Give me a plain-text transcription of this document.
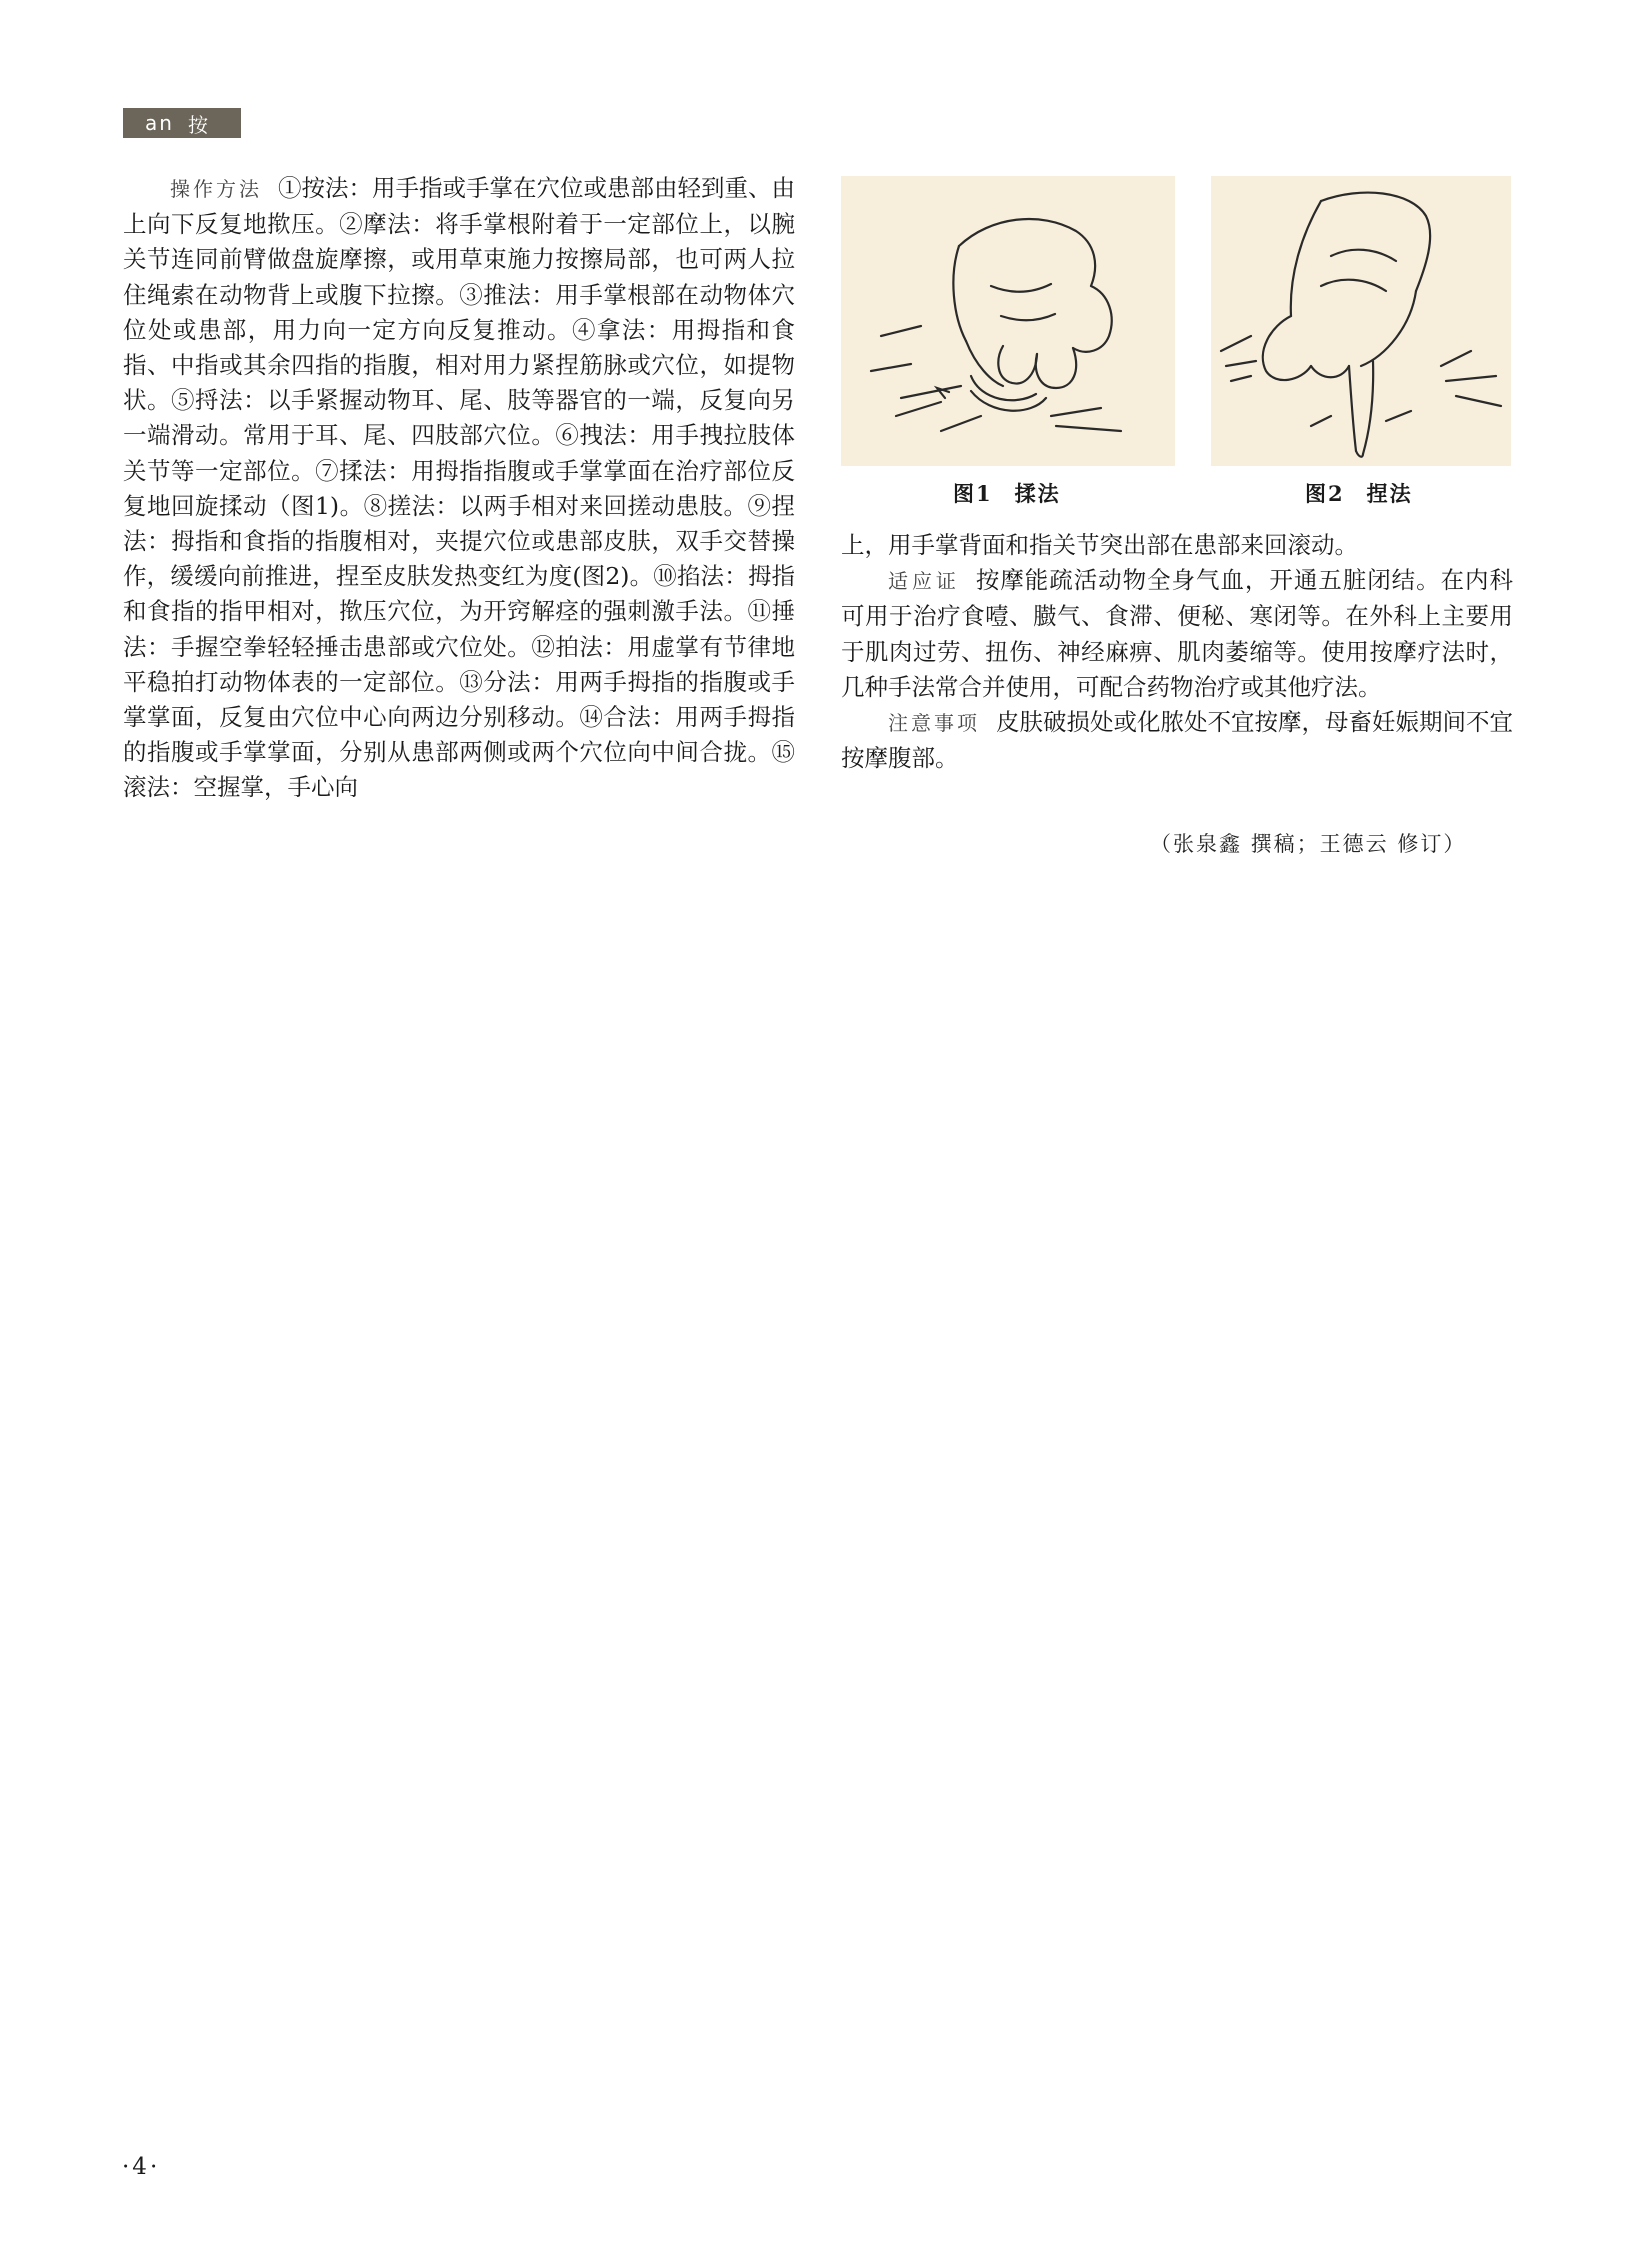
an 按

操作方法 ①按法：用手指或手掌在穴位或患部由轻到重、由上向下反复地揿压。②摩法：将手掌根附着于一定部位上，以腕关节连同前臂做盘旋摩擦，或用草束施力按擦局部，也可两人拉住绳索在动物背上或腹下拉擦。③推法：用手掌根部在动物体穴位处或患部，用力向一定方向反复推动。④拿法：用拇指和食指、中指或其余四指的指腹，相对用力紧捏筋脉或穴位，如提物状。⑤捋法：以手紧握动物耳、尾、肢等器官的一端，反复向另一端滑动。常用于耳、尾、四肢部穴位。⑥拽法：用手拽拉肢体关节等一定部位。⑦揉法：用拇指指腹或手掌掌面在治疗部位反复地回旋揉动（图1)。⑧搓法：以两手相对来回搓动患肢。⑨捏法：拇指和食指的指腹相对，夹提穴位或患部皮肤，双手交替操作，缓缓向前推进，捏至皮肤发热变红为度(图2)。⑩掐法：拇指和食指的指甲相对，揿压穴位，为开窍解痉的强刺激手法。⑪捶法：手握空拳轻轻捶击患部或穴位处。⑫拍法：用虚掌有节律地平稳拍打动物体表的一定部位。⑬分法：用两手拇指的指腹或手掌掌面，反复由穴位中心向两边分别移动。⑭合法：用两手拇指的指腹或手掌掌面，分别从患部两侧或两个穴位向中间合拢。⑮滚法：空握掌，手心向

图1 揉法	图2 捏法

上，用手掌背面和指关节突出部在患部来回滚动。

适应证 按摩能疏活动物全身气血，开通五脏闭结。在内科可用于治疗食噎、臌气、食滞、便秘、寒闭等。在外科上主要用于肌肉过劳、扭伤、神经麻痹、肌肉萎缩等。使用按摩疗法时，几种手法常合并使用，可配合药物治疗或其他疗法。

注意事项 皮肤破损处或化脓处不宜按摩，母畜妊娠期间不宜按摩腹部。

（张泉鑫 撰稿；王德云 修订）
·4·
